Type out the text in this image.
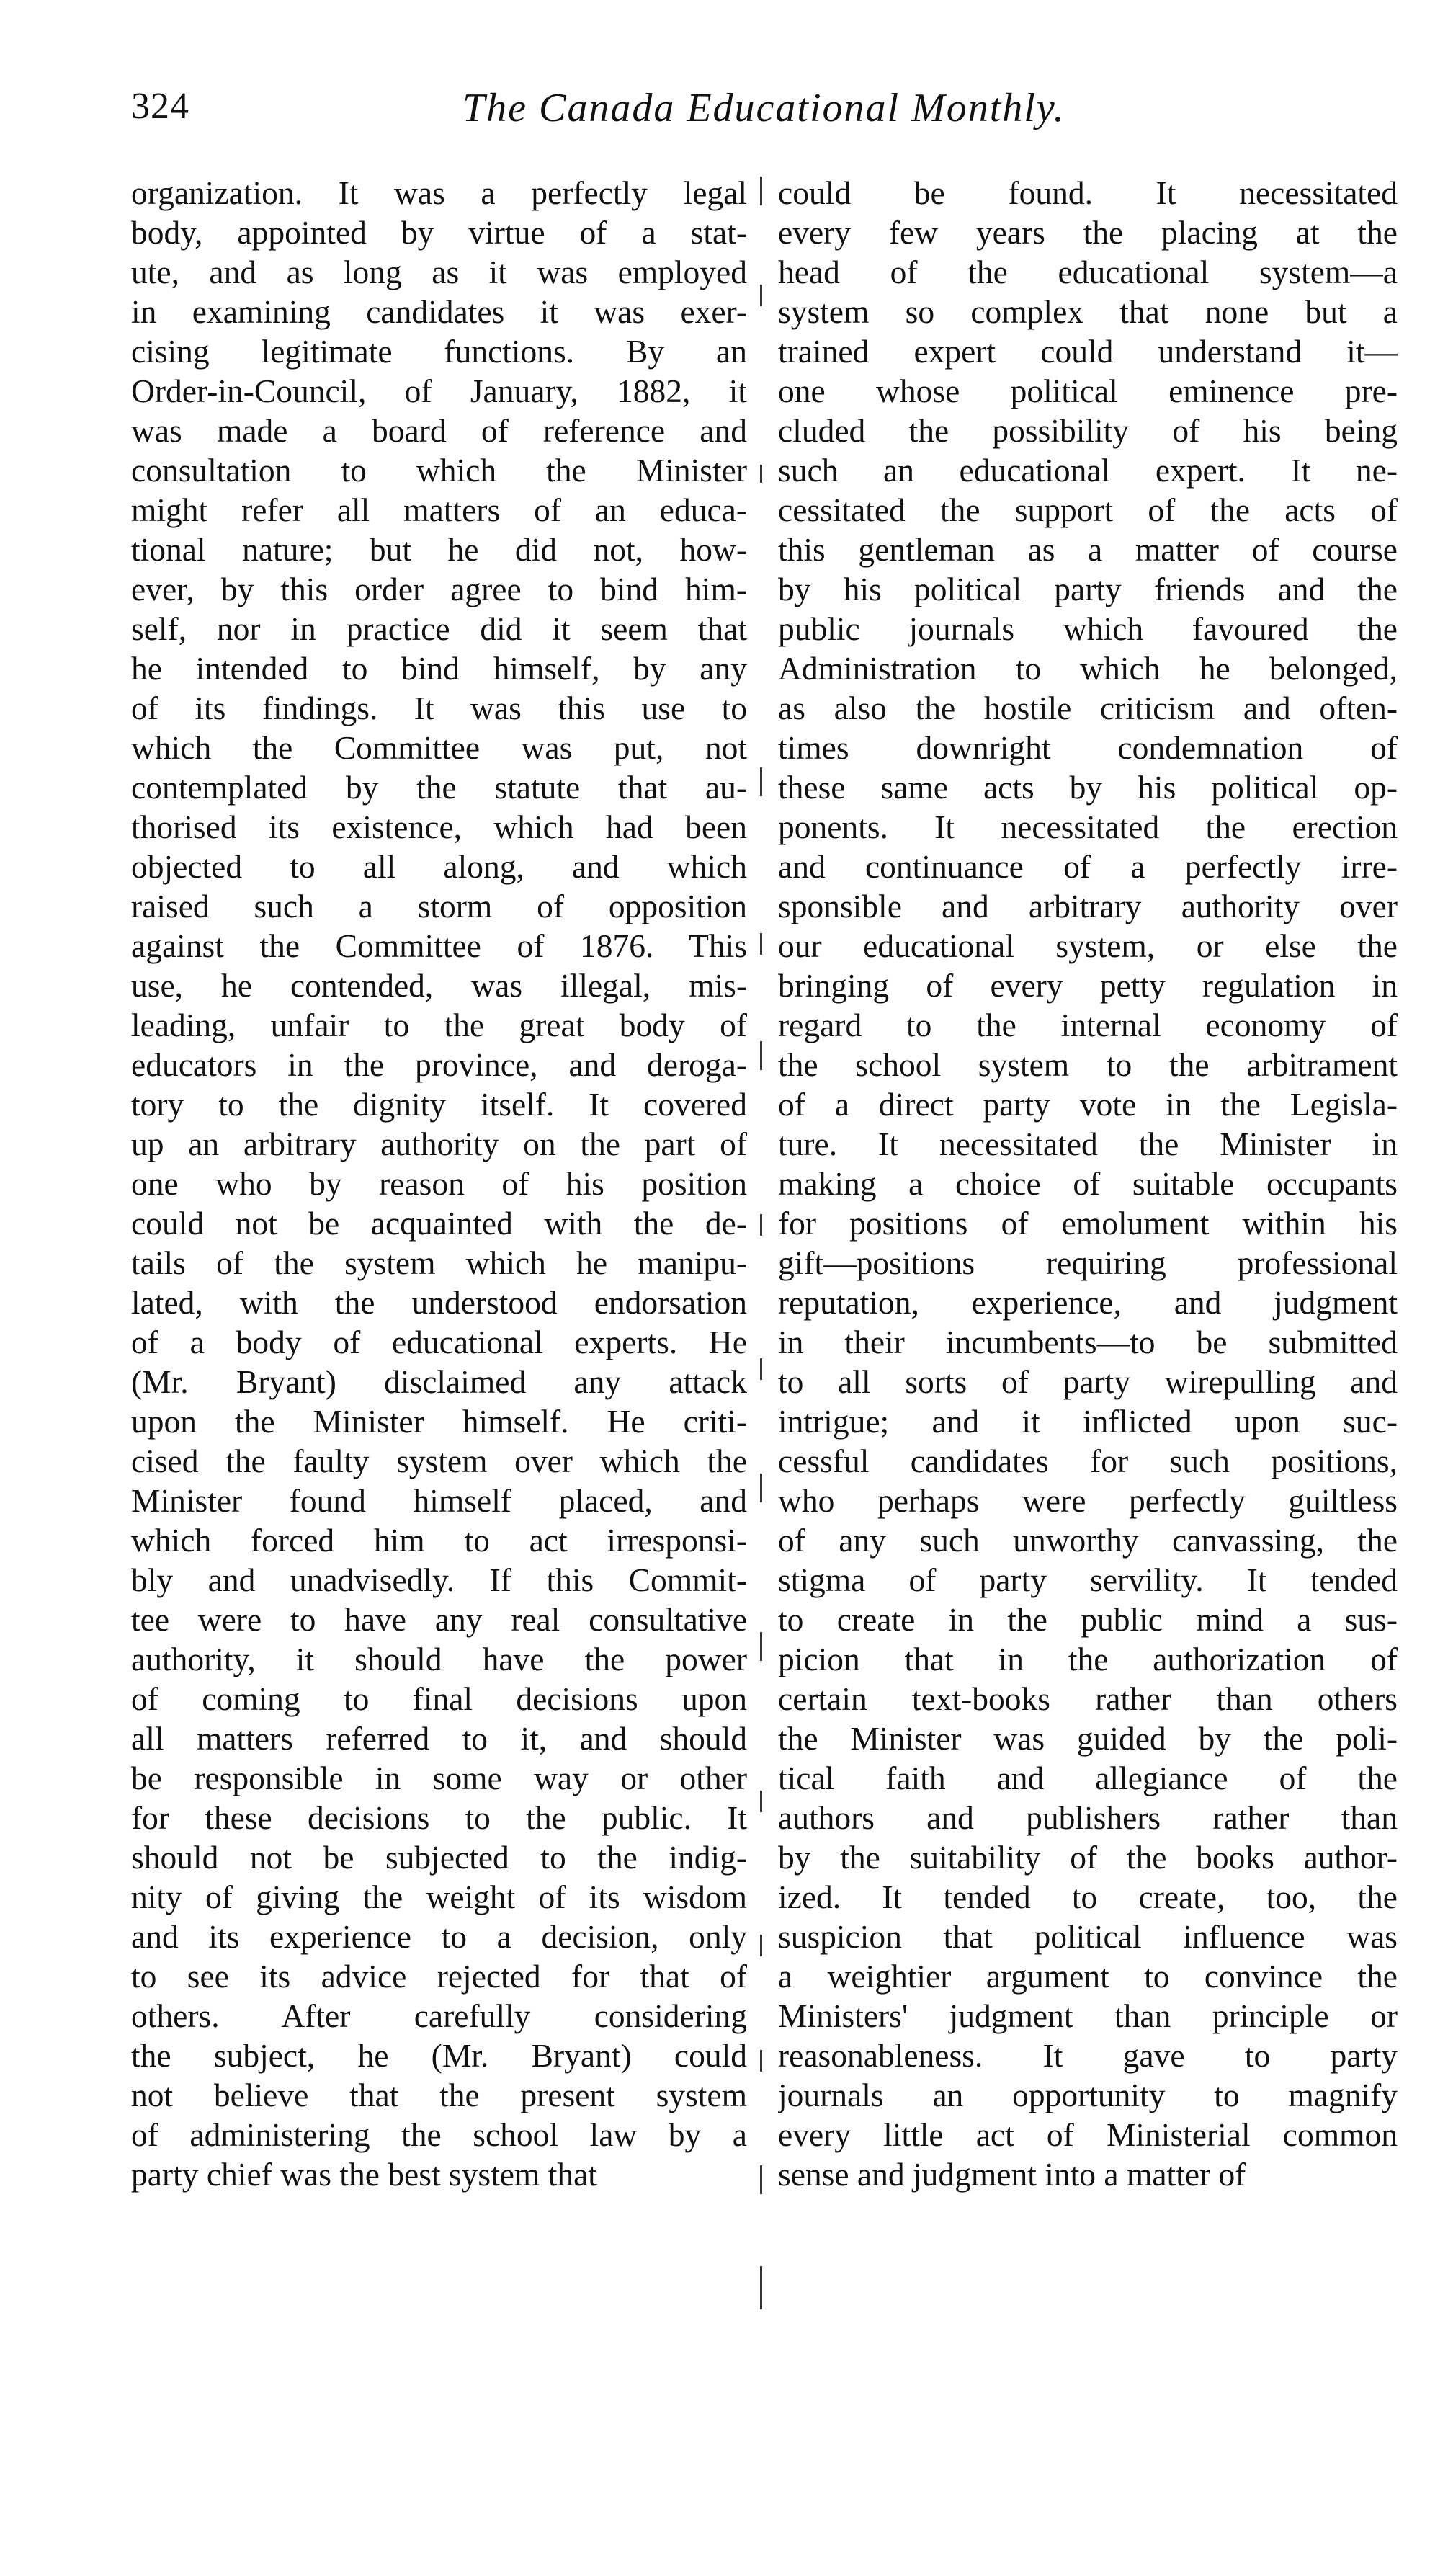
324	The Canada Educational Monthly.
organization. It was a perfectly legal
body, appointed by virtue of a stat-
ute, and as long as it was employed
in examining candidates it was exer-
cising legitimate functions. By an
Order-in-Council, of January, 1882, it
was made a board of reference and
consultation to which the Minister
might refer all matters of an educa-
tional nature; but he did not, how-
ever, by this order agree to bind him-
self, nor in practice did it seem that
he intended to bind himself, by any
of its findings. It was this use to
which the Committee was put, not
contemplated by the statute that au-
thorised its existence, which had been
objected to all along, and which
raised such a storm of opposition
against the Committee of 1876. This
use, he contended, was illegal, mis-
leading, unfair to the great body of
educators in the province, and deroga-
tory to the dignity itself. It covered
up an arbitrary authority on the part of
one who by reason of his position
could not be acquainted with the de-
tails of the system which he manipu-
lated, with the understood endorsation
of a body of educational experts. He
(Mr. Bryant) disclaimed any attack
upon the Minister himself. He criti-
cised the faulty system over which the
Minister found himself placed, and
which forced him to act irresponsi-
bly and unadvisedly. If this Commit-
tee were to have any real consultative
authority, it should have the power
of coming to final decisions upon
all matters referred to it, and should
be responsible in some way or other
for these decisions to the public. It
should not be subjected to the indig-
nity of giving the weight of its wisdom
and its experience to a decision, only
to see its advice rejected for that of
others. After carefully considering
the subject, he (Mr. Bryant) could
not believe that the present system
of administering the school law by a
party chief was the best system that
could be found. It necessitated
every few years the placing at the
head of the educational system—a
system so complex that none but a
trained expert could understand it—
one whose political eminence pre-
cluded the possibility of his being
such an educational expert. It ne-
cessitated the support of the acts of
this gentleman as a matter of course
by his political party friends and the
public journals which favoured the
Administration to which he belonged,
as also the hostile criticism and often-
times downright condemnation of
these same acts by his political op-
ponents. It necessitated the erection
and continuance of a perfectly irre-
sponsible and arbitrary authority over
our educational system, or else the
bringing of every petty regulation in
regard to the internal economy of
the school system to the arbitrament
of a direct party vote in the Legisla-
ture. It necessitated the Minister in
making a choice of suitable occupants
for positions of emolument within his
gift—positions requiring professional
reputation, experience, and judgment
in their incumbents—to be submitted
to all sorts of party wirepulling and
intrigue; and it inflicted upon suc-
cessful candidates for such positions,
who perhaps were perfectly guiltless
of any such unworthy canvassing, the
stigma of party servility. It tended
to create in the public mind a sus-
picion that in the authorization of
certain text-books rather than others
the Minister was guided by the poli-
tical faith and allegiance of the
authors and publishers rather than
by the suitability of the books author-
ized. It tended to create, too, the
suspicion that political influence was
a weightier argument to convince the
Ministers' judgment than principle or
reasonableness. It gave to party
journals an opportunity to magnify
every little act of Ministerial common
sense and judgment into a matter of
